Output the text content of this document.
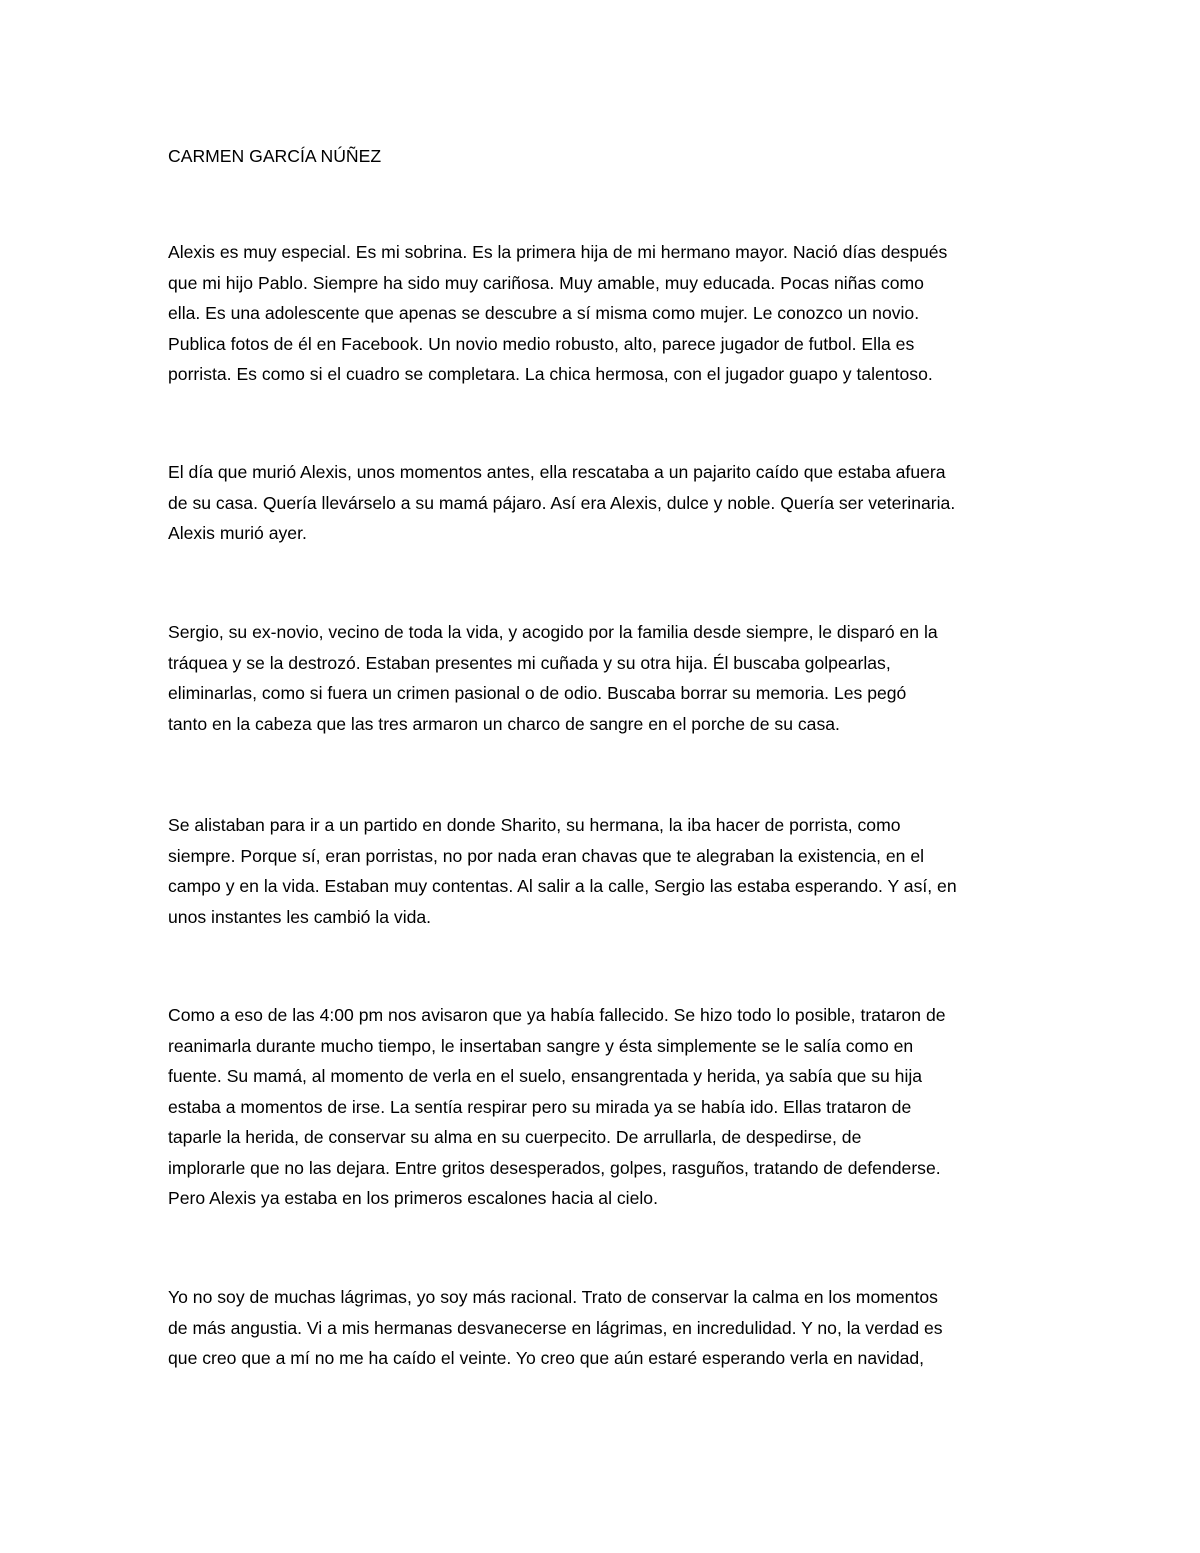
CARMEN GARCÍA NÚÑEZ
Alexis es muy especial. Es mi sobrina. Es la primera hija de mi hermano mayor. Nació días después
que mi hijo Pablo. Siempre ha sido muy cariñosa. Muy amable, muy educada. Pocas niñas como
ella. Es una adolescente que apenas se descubre a sí misma como mujer. Le conozco un novio.
Publica fotos de él en Facebook. Un novio medio robusto, alto, parece jugador de futbol. Ella es
porrista. Es como si el cuadro se completara. La chica hermosa, con el jugador guapo y talentoso.
El día que murió Alexis, unos momentos antes, ella rescataba a un pajarito caído que estaba afuera
de su casa. Quería llevárselo a su mamá pájaro. Así era Alexis, dulce y noble. Quería ser veterinaria.
Alexis murió ayer.
Sergio, su ex-novio, vecino de toda la vida, y acogido por la familia desde siempre, le disparó en la
tráquea y se la destrozó. Estaban presentes mi cuñada y su otra hija. Él buscaba golpearlas,
eliminarlas, como si fuera un crimen pasional o de odio. Buscaba borrar su memoria. Les pegó
tanto en la cabeza que las tres armaron un charco de sangre en el porche de su casa.
Se alistaban para ir a un partido en donde Sharito, su hermana, la iba hacer de porrista, como
siempre. Porque sí, eran porristas, no por nada eran chavas que te alegraban la existencia, en el
campo y en la vida. Estaban muy contentas. Al salir a la calle, Sergio las estaba esperando. Y así, en
unos instantes les cambió la vida.
Como a eso de las 4:00 pm nos avisaron que ya había fallecido. Se hizo todo lo posible, trataron de
reanimarla durante mucho tiempo, le insertaban sangre y ésta simplemente se le salía como en
fuente. Su mamá, al momento de verla en el suelo, ensangrentada y herida, ya sabía que su hija
estaba a momentos de irse. La sentía respirar pero su mirada ya se había ido. Ellas trataron de
taparle la herida, de conservar su alma en su cuerpecito. De arrullarla, de despedirse, de
implorarle que no las dejara. Entre gritos desesperados, golpes, rasguños, tratando de defenderse.
Pero Alexis ya estaba en los primeros escalones hacia al cielo.
Yo no soy de muchas lágrimas, yo soy más racional. Trato de conservar la calma en los momentos
de más angustia. Vi a mis hermanas desvanecerse en lágrimas, en incredulidad. Y no, la verdad es
que creo que a mí no me ha caído el veinte. Yo creo que aún estaré esperando verla en navidad,
